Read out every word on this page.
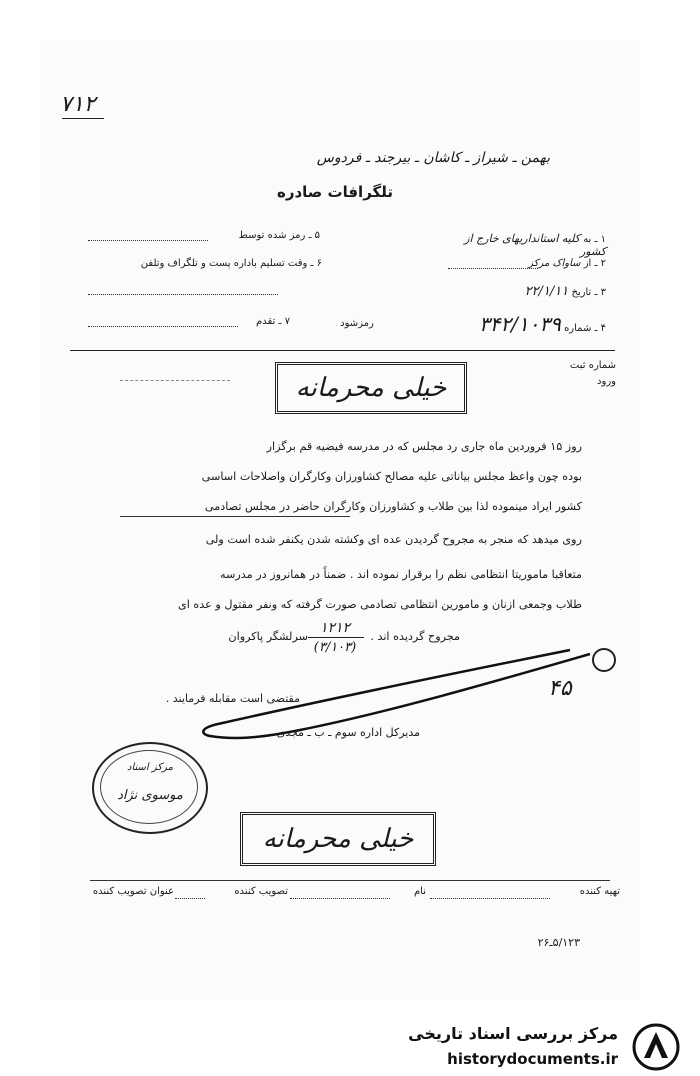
۷۱۲
بهمن ـ شیراز ـ کاشان ـ بیرجند ـ فردوس
تلگرافات صادره
۱ ـ به کلیه استانداریهای خارج از کشور
۲ ـ از ساواک مرکز
۳ ـ تاریخ ۲۲/۱/۱۱
۴ ـ شماره ۳۴۲/۱۰۳۹
۵ ـ رمز شده توسط
۶ ـ وقت تسلیم باداره پست و تلگراف وتلفن
۷ ـ تقدم	رمزشود
شماره ثبت
ورود
خیلی محرمانه
روز ۱۵ فروردین ماه جاری رد مجلس که در مدرسه فیضیه قم برگزار
بوده چون واعظ مجلس بیاناتی علیه مصالح کشاورزان وکارگران واصلاحات اساسی
کشور ایراد مینموده لذا بین طلاب و کشاورزان وکارگران حاضر در مجلس تصادمی
روی میدهد که منجر به مجروح گردیدن عده ای وکشته شدن یکنفر شده است ولی
متعاقبا ماموریتا انتظامی نظم را برقرار نموده اند . ضمناً در همانروز در مدرسه
طلاب وجمعی ازنان و مامورین انتظامی تصادمی صورت گرفته که ونفر مقتول و عده ای
مجروح گردیده اند .
۱۲۱۲
(۳/۱۰۳)
سرلشگر پاکروان
۴۵
مقتضی است مقابله فرمایند .
مدیرکل اداره سوم ـ ب ـ مجدی
مرکز اسناد
موسوی نژاد
خیلی محرمانه
تهیه کننده
نام
تصویب کننده
عنوان تصویب کننده
۵/۱۲۳ـ۲۶
مرکز بررسی اسناد تاریخی
historydocuments.ir
